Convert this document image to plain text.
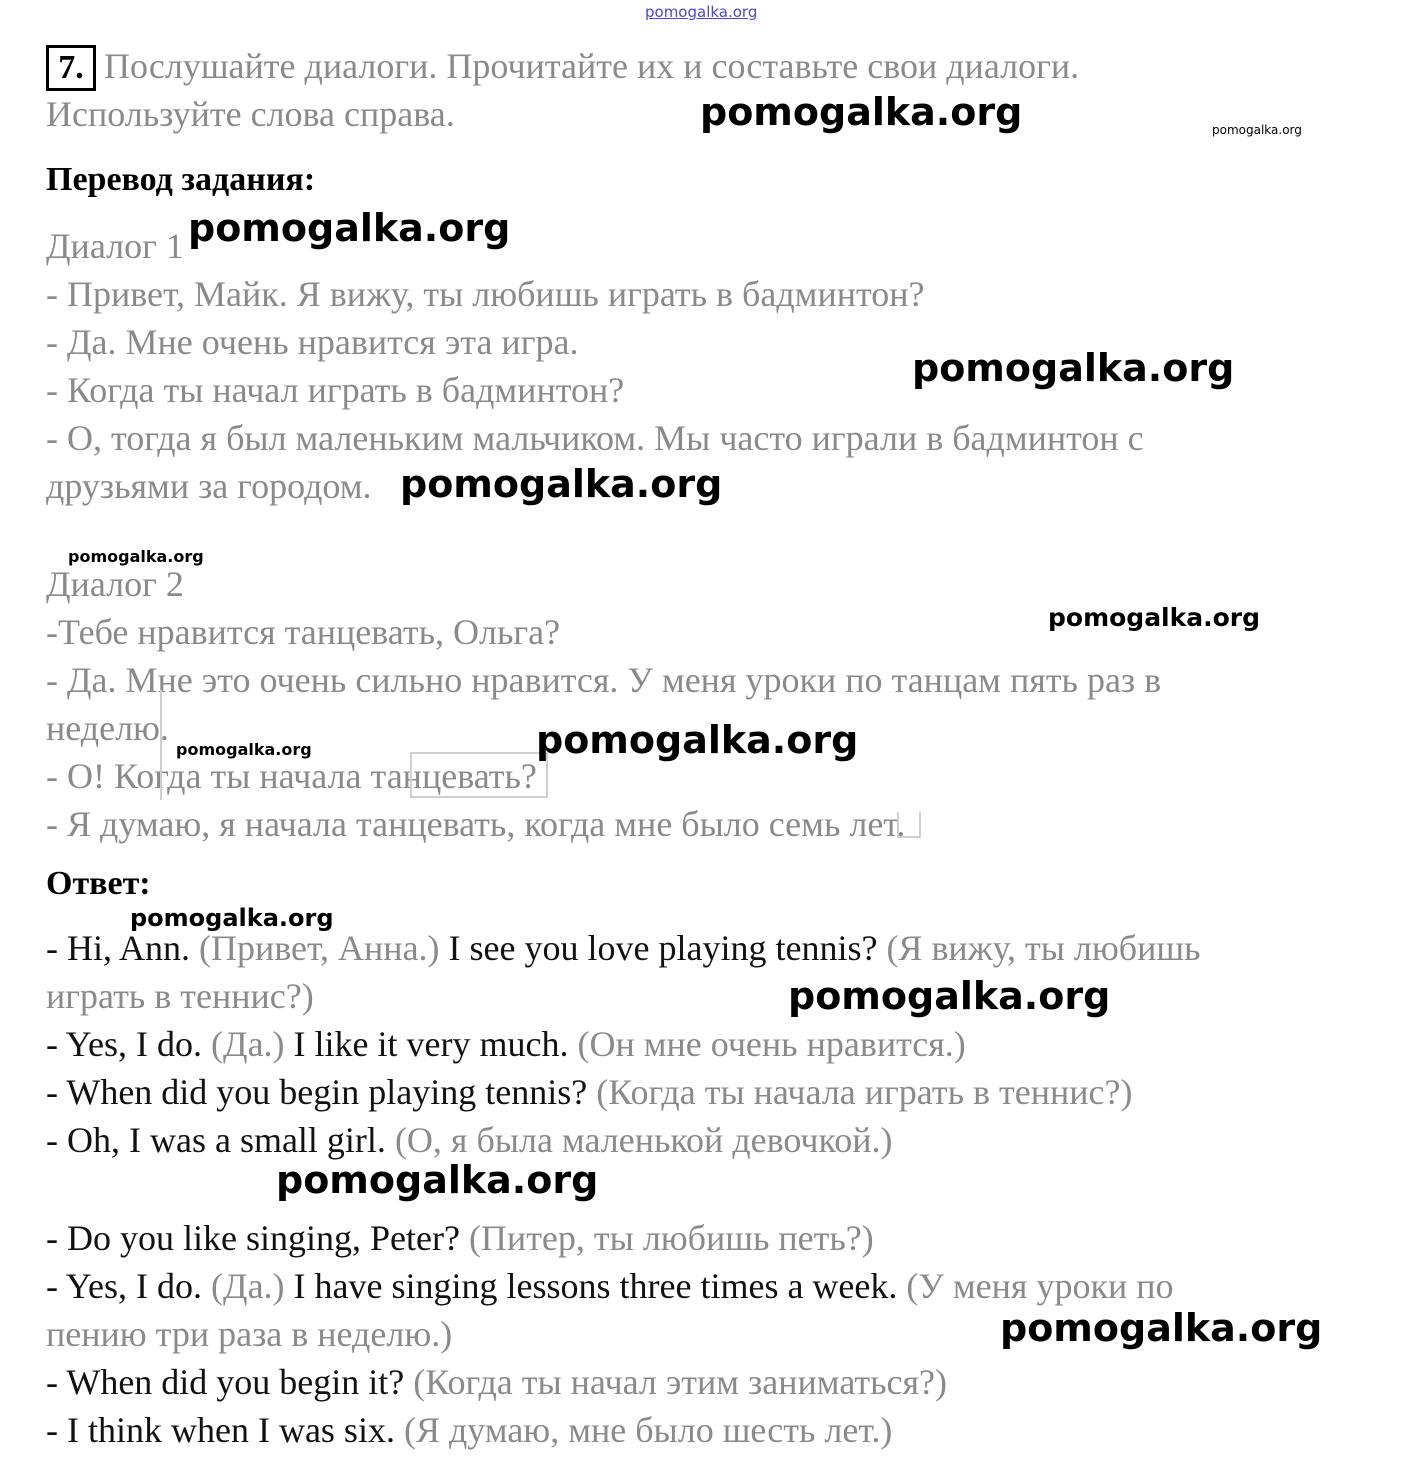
pomogalka.org
7. Послушайте диалоги. Прочитайте их и составьте свои диалоги.

Используйте слова справа.

Перевод задания:

Диалог 1

- Привет, Майк. Я вижу, ты любишь играть в бадминтон?

- Да. Мне очень нравится эта игра.

- Когда ты начал играть в бадминтон?

- О, тогда я был маленьким мальчиком. Мы часто играли в бадминтон с

друзьями за городом.

Диалог 2

-Тебе нравится танцевать, Ольга?

- Да. Мне это очень сильно нравится. У меня уроки по танцам пять раз в

неделю.

- О! Когда ты начала танцевать?

- Я думаю, я начала танцевать, когда мне было семь лет.

Ответ:

- Hi, Ann. (Привет, Анна.) I see you love playing tennis? (Я вижу, ты любишь

играть в теннис?)

- Yes, I do. (Да.) I like it very much. (Он мне очень нравится.)

- When did you begin playing tennis? (Когда ты начала играть в теннис?)

- Oh, I was a small girl. (О, я была маленькой девочкой.)

- Do you like singing, Peter? (Питер, ты любишь петь?)

- Yes, I do. (Да.) I have singing lessons three times a week. (У меня уроки по

пению три раза в неделю.)

- When did you begin it? (Когда ты начал этим заниматься?)

- I think when I was six. (Я думаю, мне было шесть лет.)

pomogalka.org	pomogalka.org
pomogalka.org
pomogalka.org
pomogalka.org
pomogalka.org
pomogalka.org
pomogalka.org	pomogalka.org
pomogalka.org
pomogalka.org
pomogalka.org
pomogalka.org
